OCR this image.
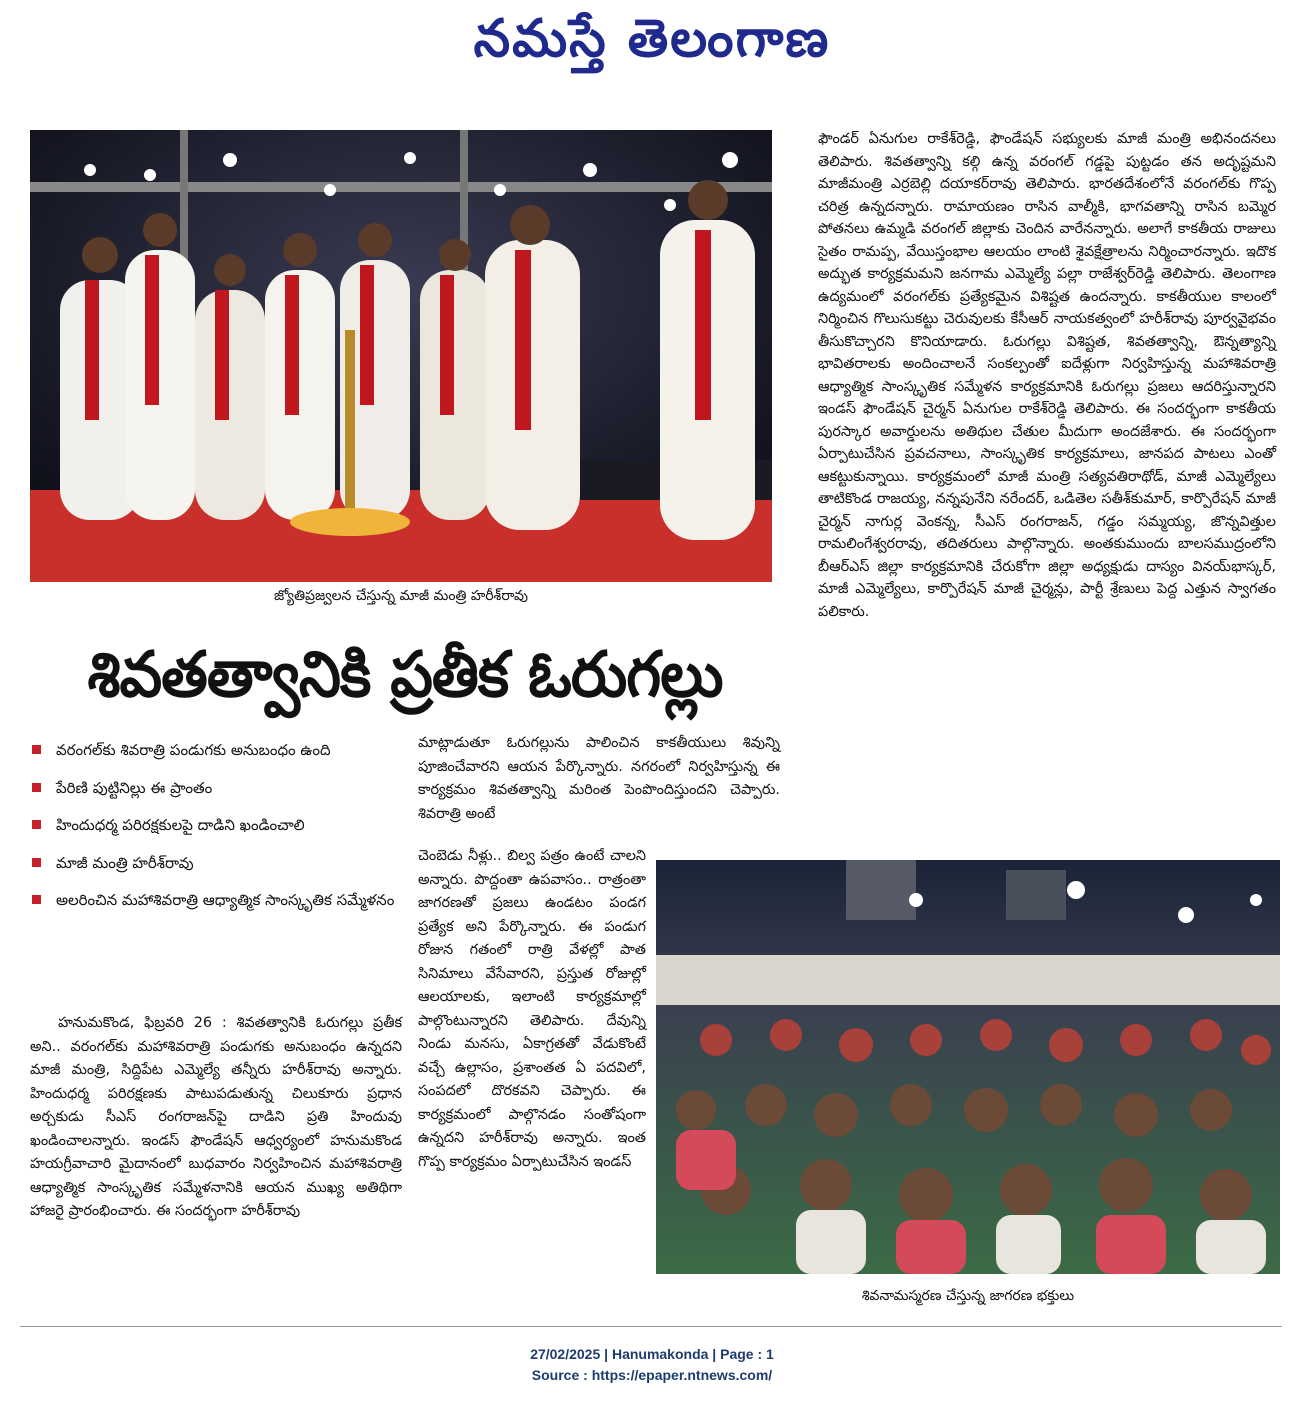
నమస్తే తెలంగాణ
జ్యోతిప్రజ్వలన చేస్తున్న మాజీ మంత్రి హరీశ్‌రావు
శివతత్వానికి ప్రతీక ఓరుగల్లు
వరంగల్‌కు శివరాత్రి పండుగకు అనుబంధం ఉంది
పేరిణి పుట్టినిల్లు ఈ ప్రాంతం
హిందుధర్మ పరిరక్షకులపై దాడిని ఖండించాలి
మాజీ మంత్రి హరీశ్‌రావు
అలరించిన మహాశివరాత్రి ఆధ్యాత్మిక సాంస్కృతిక సమ్మేళనం

హనుమకొండ, ఫిబ్రవరి 26 : శివతత్వానికి ఓరుగల్లు ప్రతీక అని.. వరంగల్‌కు మహాశివరాత్రి పండుగకు అనుబంధం ఉన్నదని మాజీ మంత్రి, సిద్దిపేట ఎమ్మెల్యే తన్నీరు హరీశ్‌రావు అన్నారు. హిందుధర్మ పరిరక్షణకు పాటుపడుతున్న చిలుకూరు ప్రధాన అర్చకుడు సీఎస్ రంగరాజన్‌పై దాడిని ప్రతి హిందువు ఖండించాలన్నారు. ఇండస్ ఫౌండేషన్ ఆధ్వర్యంలో హనుమకొండ హయగ్రీవాచారి మైదానంలో బుధవారం నిర్వహించిన మహాశివరాత్రి ఆధ్యాత్మిక సాంస్కృతిక సమ్మేళనానికి ఆయన ముఖ్య అతిథిగా హాజరై ప్రారంభించారు. ఈ సందర్భంగా హరీశ్‌రావు

మాట్లాడుతూ ఓరుగల్లును పాలించిన కాకతీయులు శివున్ని పూజించేవారని ఆయన పేర్కొన్నారు. నగరంలో నిర్వహిస్తున్న ఈ కార్యక్రమం శివతత్వాన్ని మరింత పెంపొందిస్తుందని చెప్పారు. శివరాత్రి అంటే

చెంబెడు నీళ్లు.. బిల్వ పత్రం ఉంటే చాలని అన్నారు. పొద్దంతా ఉపవాసం.. రాత్రంతా జాగరణతో ప్రజలు ఉండటం పండగ ప్రత్యేక అని పేర్కొన్నారు. ఈ పండుగ రోజున గతంలో రాత్రి వేళల్లో పాత సినిమాలు వేసేవారని, ప్రస్తుత రోజుల్లో ఆలయాలకు, ఇలాంటి కార్యక్రమాల్లో పాల్గొంటున్నారని తెలిపారు. దేవున్ని నిండు మనసు, ఏకాగ్రతతో వేడుకొంటే వచ్చే ఉల్లాసం, ప్రశాంతత ఏ పదవిలో, సంపదలో దొరకవని చెప్పారు. ఈ కార్యక్రమంలో పాల్గొనడం సంతోషంగా ఉన్నదని హరీశ్‌రావు అన్నారు. ఇంత గొప్ప కార్యక్రమం ఏర్పాటుచేసిన ఇండస్

ఫౌండర్ ఏనుగుల రాకేశ్‌రెడ్డి, ఫౌండేషన్ సభ్యులకు మాజీ మంత్రి అభినందనలు తెలిపారు. శివతత్వాన్ని కల్గి ఉన్న వరంగల్ గడ్డపై పుట్టడం తన అదృష్టమని మాజీమంత్రి ఎర్రబెల్లి దయాకర్‌రావు తెలిపారు. భారతదేశంలోనే వరంగల్‌కు గొప్ప చరిత్ర ఉన్నదన్నారు. రామాయణం రాసిన వాల్మీకి, భాగవతాన్ని రాసిన బమ్మెర పోతనలు ఉమ్మడి వరంగల్ జిల్లాకు చెందిన వారేనన్నారు. అలాగే కాకతీయ రాజులు సైతం రామప్ప, వేయిస్తంభాల ఆలయం లాంటి శైవక్షేత్రాలను నిర్మించారన్నారు. ఇదొక అద్భుత కార్యక్రమమని జనగామ ఎమ్మెల్యే పల్లా రాజేశ్వర్‌రెడ్డి తెలిపారు. తెలంగాణ ఉద్యమంలో వరంగల్‌కు ప్రత్యేకమైన విశిష్టత ఉందన్నారు. కాకతీయుల కాలంలో నిర్మించిన గొలుసుకట్టు చెరువులకు కేసీఆర్ నాయకత్వంలో హరీశ్‌రావు పూర్వవైభవం తీసుకొచ్చారని కొనియాడారు. ఓరుగల్లు విశిష్టత, శివతత్వాన్ని, ఔన్నత్యాన్ని భావితరాలకు అందించాలనే సంకల్పంతో ఐదేళ్లుగా నిర్వహిస్తున్న మహాశివరాత్రి ఆధ్యాత్మిక సాంస్కృతిక సమ్మేళన కార్యక్రమానికి ఓరుగల్లు ప్రజలు ఆదరిస్తున్నారని ఇండస్ ఫౌండేషన్ చైర్మన్ ఏనుగుల రాకేశ్‌రెడ్డి తెలిపారు. ఈ సందర్భంగా కాకతీయ పురస్కార అవార్డులను అతిథుల చేతుల మీదుగా అందజేశారు. ఈ సందర్భంగా ఏర్పాటుచేసిన ప్రవచనాలు, సాంస్కృతిక కార్యక్రమాలు, జానపద పాటలు ఎంతో ఆకట్టుకున్నాయి. కార్యక్రమంలో మాజీ మంత్రి సత్యవతిరాథోడ్, మాజీ ఎమ్మెల్యేలు తాటికొండ రాజయ్య, నన్నపునేని నరేందర్, ఒడితెల సతీశ్‌కుమార్, కార్పొరేషన్ మాజీ చైర్మన్ నాగుర్ల వెంకన్న, సీఎస్ రంగరాజన్, గడ్డం సమ్మయ్య, జొన్నవిత్తుల రామలింగేశ్వరరావు, తదితరులు పాల్గొన్నారు. అంతకుముందు బాలసముద్రంలోని బీఆర్‌ఎస్ జిల్లా కార్యక్రమానికి చేరుకోగా జిల్లా అధ్యక్షుడు దాస్యం వినయ్‌భాస్కర్, మాజీ ఎమ్మెల్యేలు, కార్పొరేషన్ మాజీ చైర్మన్లు, పార్టీ శ్రేణులు పెద్ద ఎత్తున స్వాగతం పలికారు.

శివనామస్మరణ చేస్తున్న జాగరణ భక్తులు
27/02/2025 | Hanumakonda | Page : 1
Source : https://epaper.ntnews.com/
